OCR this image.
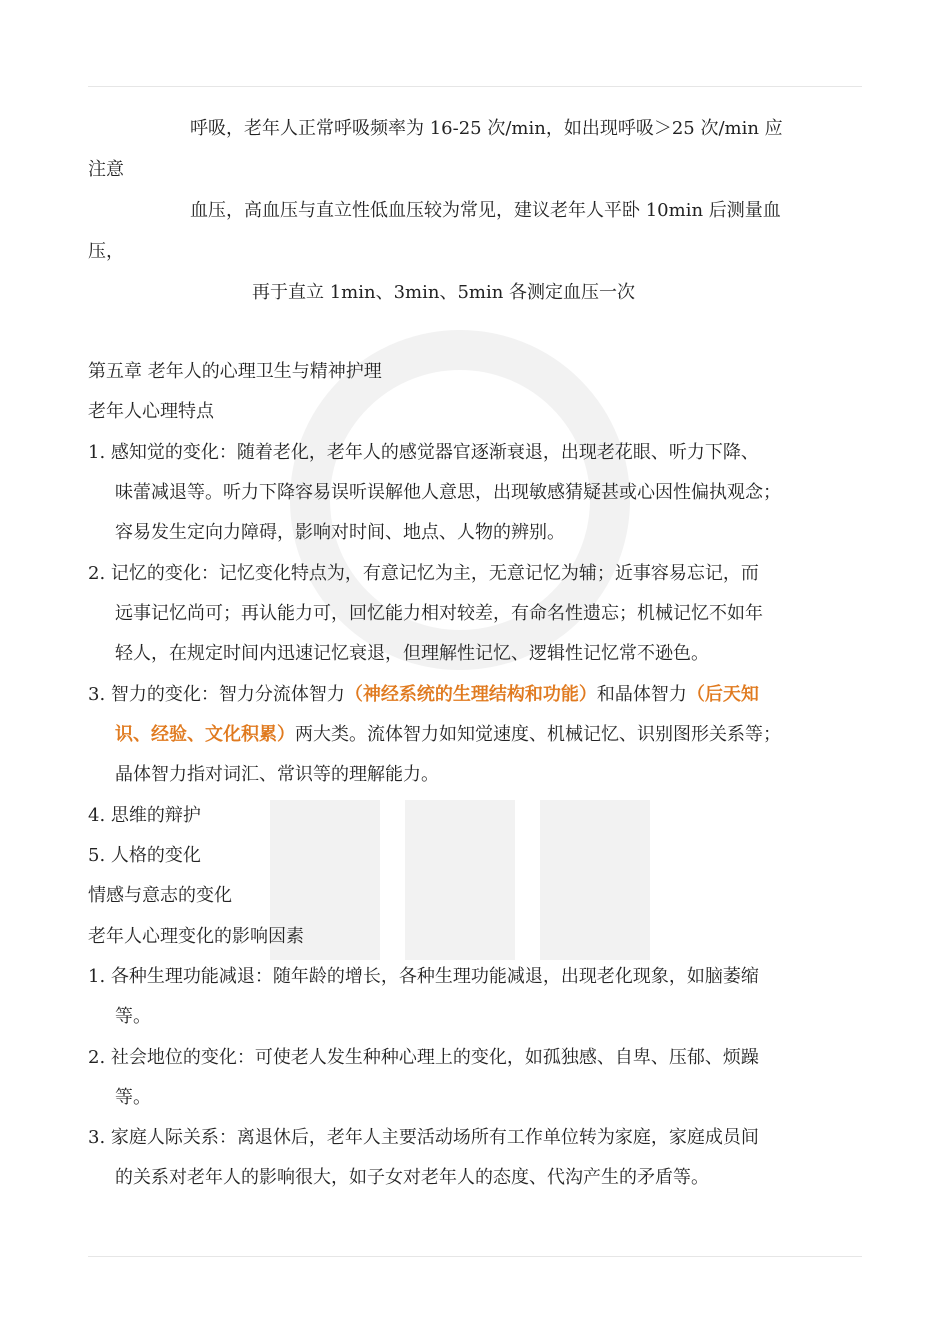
呼吸，老年人正常呼吸频率为 16-25 次/min，如出现呼吸＞25 次/min 应
注意
血压，高血压与直立性低血压较为常见，建议老年人平卧 10min 后测量血
压，
再于直立 1min、3min、5min 各测定血压一次
第五章 老年人的心理卫生与精神护理
老年人心理特点
1. 感知觉的变化：随着老化，老年人的感觉器官逐渐衰退，出现老花眼、听力下降、
味蕾减退等。听力下降容易误听误解他人意思，出现敏感猜疑甚或心因性偏执观念；
容易发生定向力障碍，影响对时间、地点、人物的辨别。
2. 记忆的变化：记忆变化特点为，有意记忆为主，无意记忆为辅；近事容易忘记，而
远事记忆尚可；再认能力可，回忆能力相对较差，有命名性遗忘；机械记忆不如年
轻人，在规定时间内迅速记忆衰退，但理解性记忆、逻辑性记忆常不逊色。
3. 智力的变化：智力分流体智力（神经系统的生理结构和功能）和晶体智力（后天知
识、经验、文化积累）两大类。流体智力如知觉速度、机械记忆、识别图形关系等；
晶体智力指对词汇、常识等的理解能力。
4. 思维的辩护
5. 人格的变化
情感与意志的变化
老年人心理变化的影响因素
1. 各种生理功能减退：随年龄的增长，各种生理功能减退，出现老化现象，如脑萎缩
等。
2. 社会地位的变化：可使老人发生种种心理上的变化，如孤独感、自卑、压郁、烦躁
等。
3. 家庭人际关系：离退休后，老年人主要活动场所有工作单位转为家庭，家庭成员间
的关系对老年人的影响很大，如子女对老年人的态度、代沟产生的矛盾等。
